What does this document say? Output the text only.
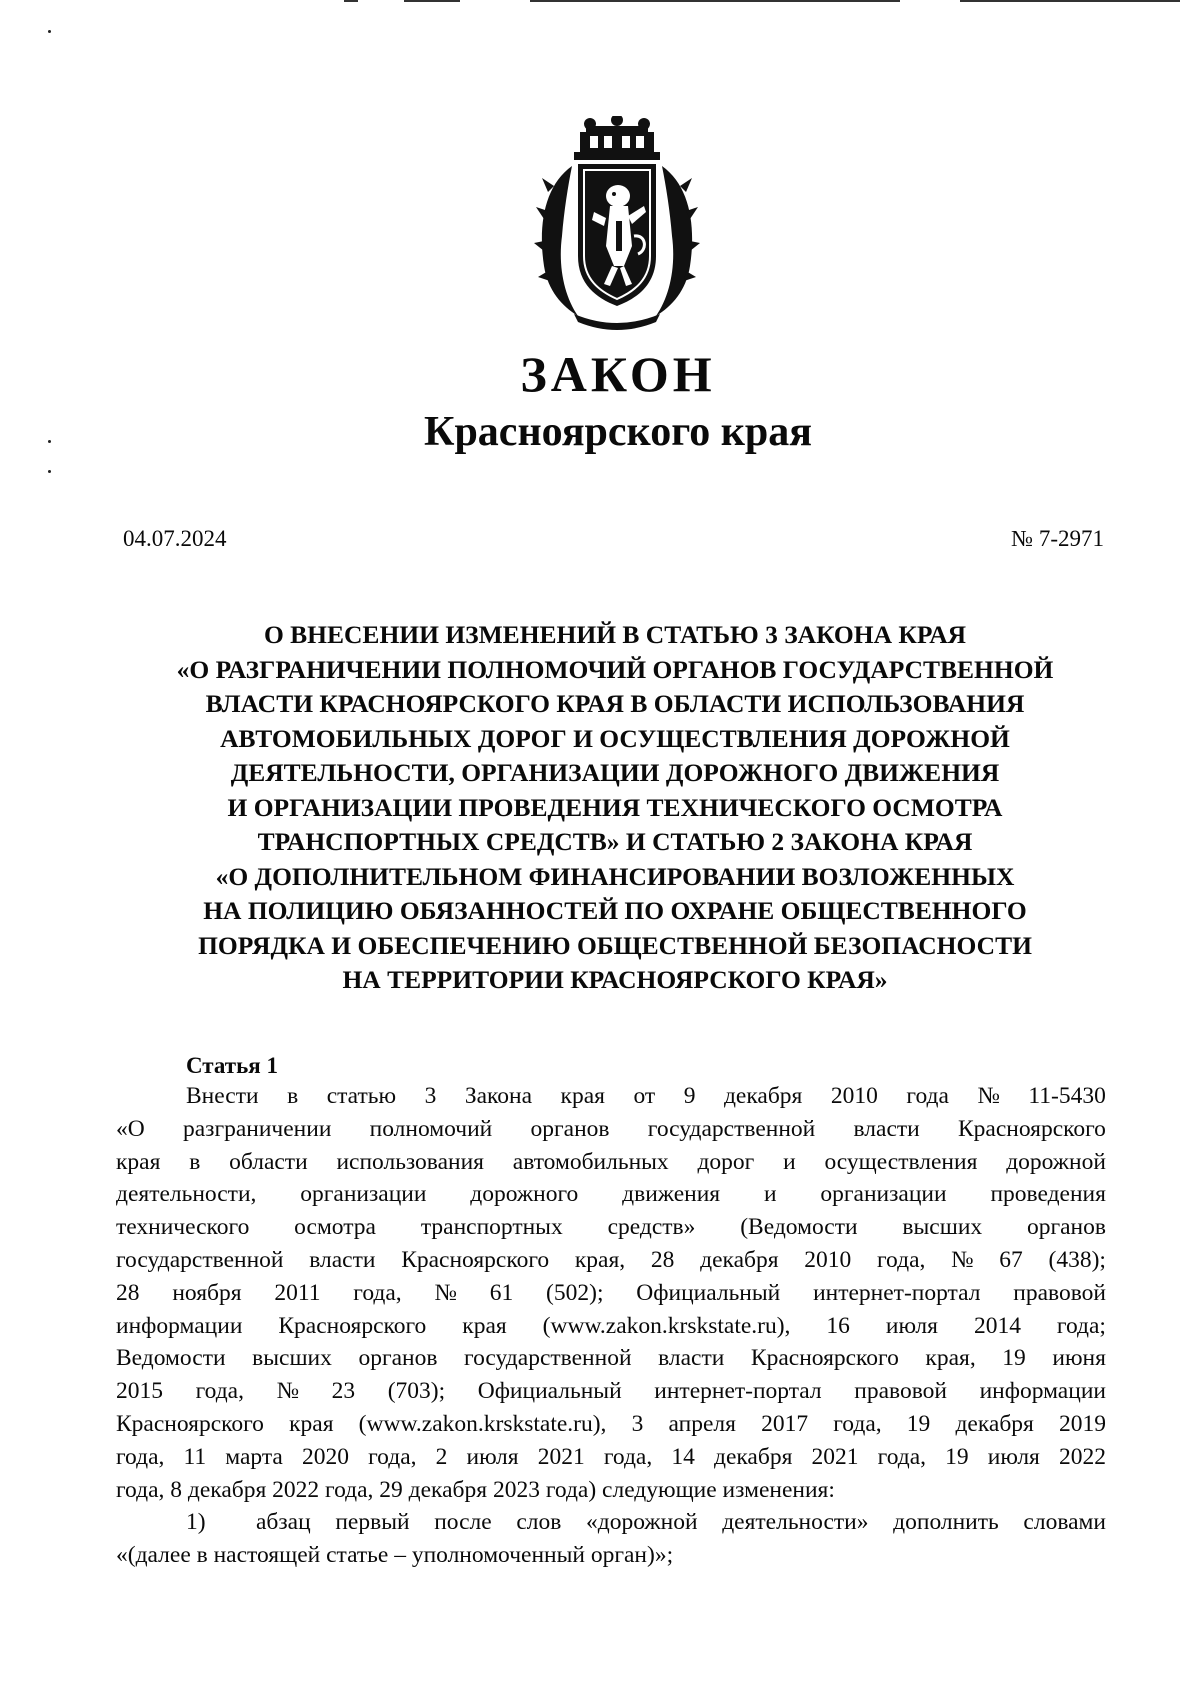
ЗАКОН
Красноярского края
04.07.2024	№ 7-2971
О ВНЕСЕНИИ ИЗМЕНЕНИЙ В СТАТЬЮ 3 ЗАКОНА КРАЯ
«О РАЗГРАНИЧЕНИИ ПОЛНОМОЧИЙ ОРГАНОВ ГОСУДАРСТВЕННОЙ
ВЛАСТИ КРАСНОЯРСКОГО КРАЯ В ОБЛАСТИ ИСПОЛЬЗОВАНИЯ
АВТОМОБИЛЬНЫХ ДОРОГ И ОСУЩЕСТВЛЕНИЯ ДОРОЖНОЙ
ДЕЯТЕЛЬНОСТИ, ОРГАНИЗАЦИИ ДОРОЖНОГО ДВИЖЕНИЯ
И ОРГАНИЗАЦИИ ПРОВЕДЕНИЯ ТЕХНИЧЕСКОГО ОСМОТРА
ТРАНСПОРТНЫХ СРЕДСТВ» И СТАТЬЮ 2 ЗАКОНА КРАЯ
«О ДОПОЛНИТЕЛЬНОМ ФИНАНСИРОВАНИИ ВОЗЛОЖЕННЫХ
НА ПОЛИЦИЮ ОБЯЗАННОСТЕЙ ПО ОХРАНЕ ОБЩЕСТВЕННОГО
ПОРЯДКА И ОБЕСПЕЧЕНИЮ ОБЩЕСТВЕННОЙ БЕЗОПАСНОСТИ
НА ТЕРРИТОРИИ КРАСНОЯРСКОГО КРАЯ»
Статья 1
Внести в статью 3 Закона края от 9 декабря 2010 года № 11-5430
«О разграничении полномочий органов государственной власти Красноярского
края в области использования автомобильных дорог и осуществления дорожной
деятельности, организации дорожного движения и организации проведения
технического осмотра транспортных средств» (Ведомости высших органов
государственной власти Красноярского края, 28 декабря 2010 года, № 67 (438);
28 ноября 2011 года, № 61 (502); Официальный интернет-портал правовой
информации Красноярского края (www.zakon.krskstate.ru), 16 июля 2014 года;
Ведомости высших органов государственной власти Красноярского края, 19 июня
2015 года, № 23 (703); Официальный интернет-портал правовой информации
Красноярского края (www.zakon.krskstate.ru), 3 апреля 2017 года, 19 декабря 2019
года, 11 марта 2020 года, 2 июля 2021 года, 14 декабря 2021 года, 19 июля 2022
года, 8 декабря 2022 года, 29 декабря 2023 года) следующие изменения:
1)	абзац первый после слов «дорожной деятельности» дополнить словами
«(далее в настоящей статье – уполномоченный орган)»;
